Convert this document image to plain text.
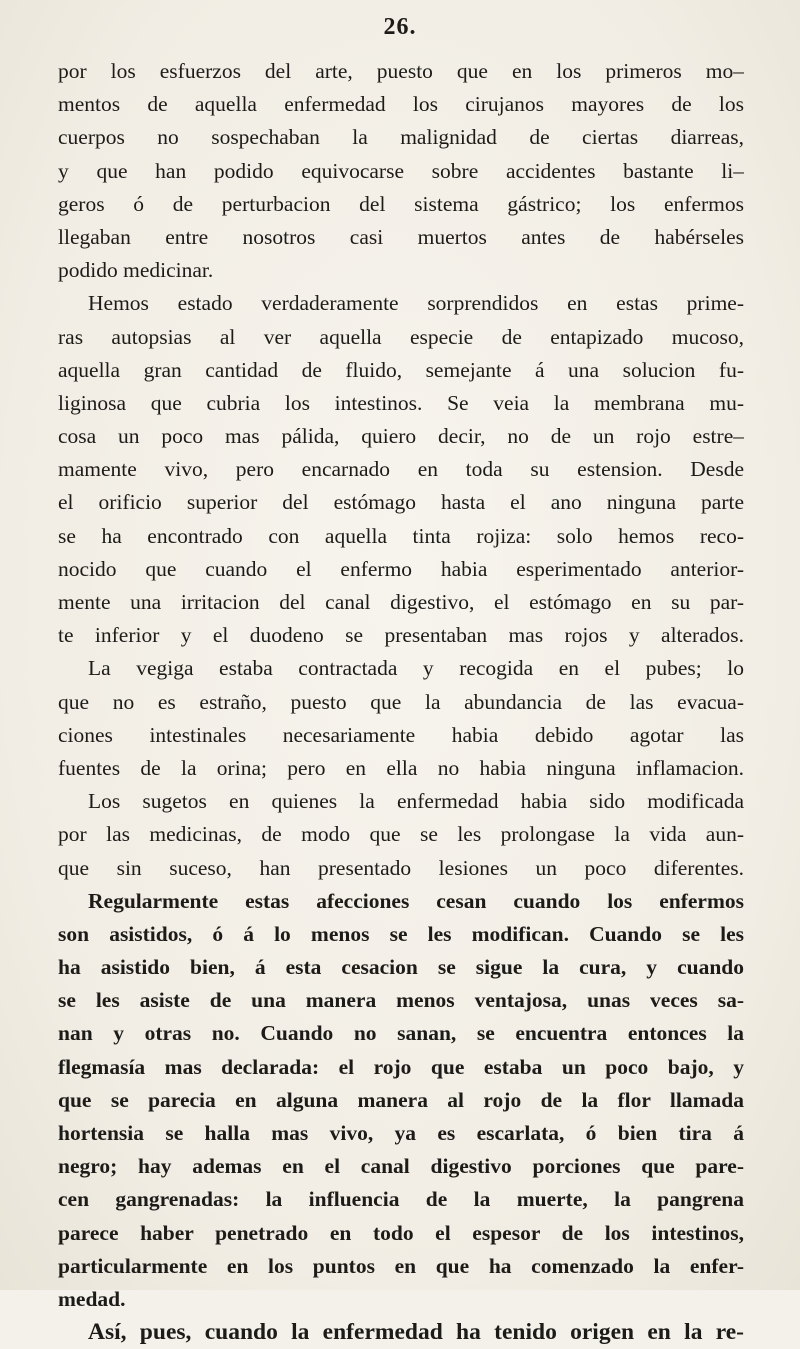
26.
por los esfuerzos del arte, puesto que en los primeros mo–
mentos de aquella enfermedad los cirujanos mayores de los
cuerpos no sospechaban la malignidad de ciertas diarreas,
y que han podido equivocarse sobre accidentes bastante li–
geros ó de perturbacion del sistema gástrico; los enfermos
llegaban entre nosotros casi muertos antes de habérseles
podido medicinar.
Hemos estado verdaderamente sorprendidos en estas prime-
ras autopsias al ver aquella especie de entapizado mucoso,
aquella gran cantidad de fluido, semejante á una solucion fu-
liginosa que cubria los intestinos. Se veia la membrana mu-
cosa un poco mas pálida, quiero decir, no de un rojo estre–
mamente vivo, pero encarnado en toda su estension. Desde
el orificio superior del estómago hasta el ano ninguna parte
se ha encontrado con aquella tinta rojiza: solo hemos reco-
nocido que cuando el enfermo habia esperimentado anterior-
mente una irritacion del canal digestivo, el estómago en su par-
te inferior y el duodeno se presentaban mas rojos y alterados.
La vegiga estaba contractada y recogida en el pubes; lo
que no es estraño, puesto que la abundancia de las evacua-
ciones intestinales necesariamente habia debido agotar las
fuentes de la orina; pero en ella no habia ninguna inflamacion.
Los sugetos en quienes la enfermedad habia sido modificada
por las medicinas, de modo que se les prolongase la vida aun-
que sin suceso, han presentado lesiones un poco diferentes.
Regularmente estas afecciones cesan cuando los enfermos
son asistidos, ó á lo menos se les modifican. Cuando se les
ha asistido bien, á esta cesacion se sigue la cura, y cuando
se les asiste de una manera menos ventajosa, unas veces sa-
nan y otras no. Cuando no sanan, se encuentra entonces la
flegmasía mas declarada: el rojo que estaba un poco bajo, y
que se parecia en alguna manera al rojo de la flor llamada
hortensia se halla mas vivo, ya es escarlata, ó bien tira á
negro; hay ademas en el canal digestivo porciones que pare-
cen gangrenadas: la influencia de la muerte, la pangrena
parece haber penetrado en todo el espesor de los intestinos,
particularmente en los puntos en que ha comenzado la enfer-
medad.
Así, pues, cuando la enfermedad ha tenido origen en la re-
